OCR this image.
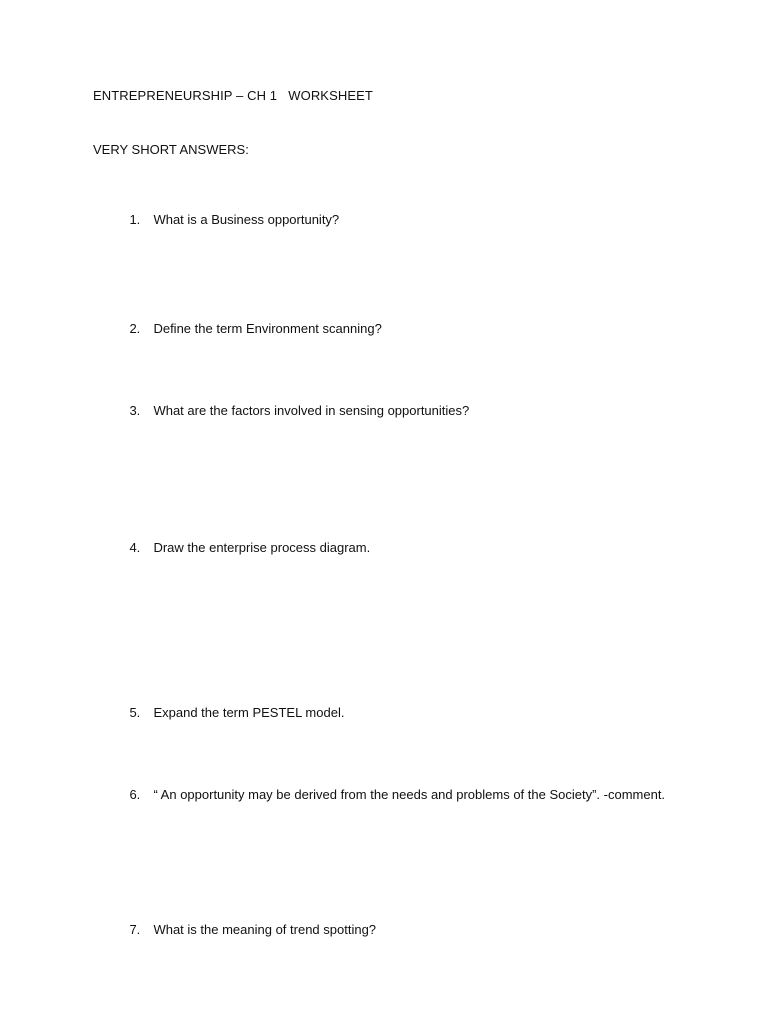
ENTREPRENEURSHIP – CH 1   WORKSHEET
VERY SHORT ANSWERS:

1. What is a Business opportunity?

2. Define the term Environment scanning?

3. What are the factors involved in sensing opportunities?

4. Draw the enterprise process diagram.

5. Expand the term PESTEL model.

6. “ An opportunity may be derived from the needs and problems of the Society”. -comment.

7. What is the meaning of trend spotting?
